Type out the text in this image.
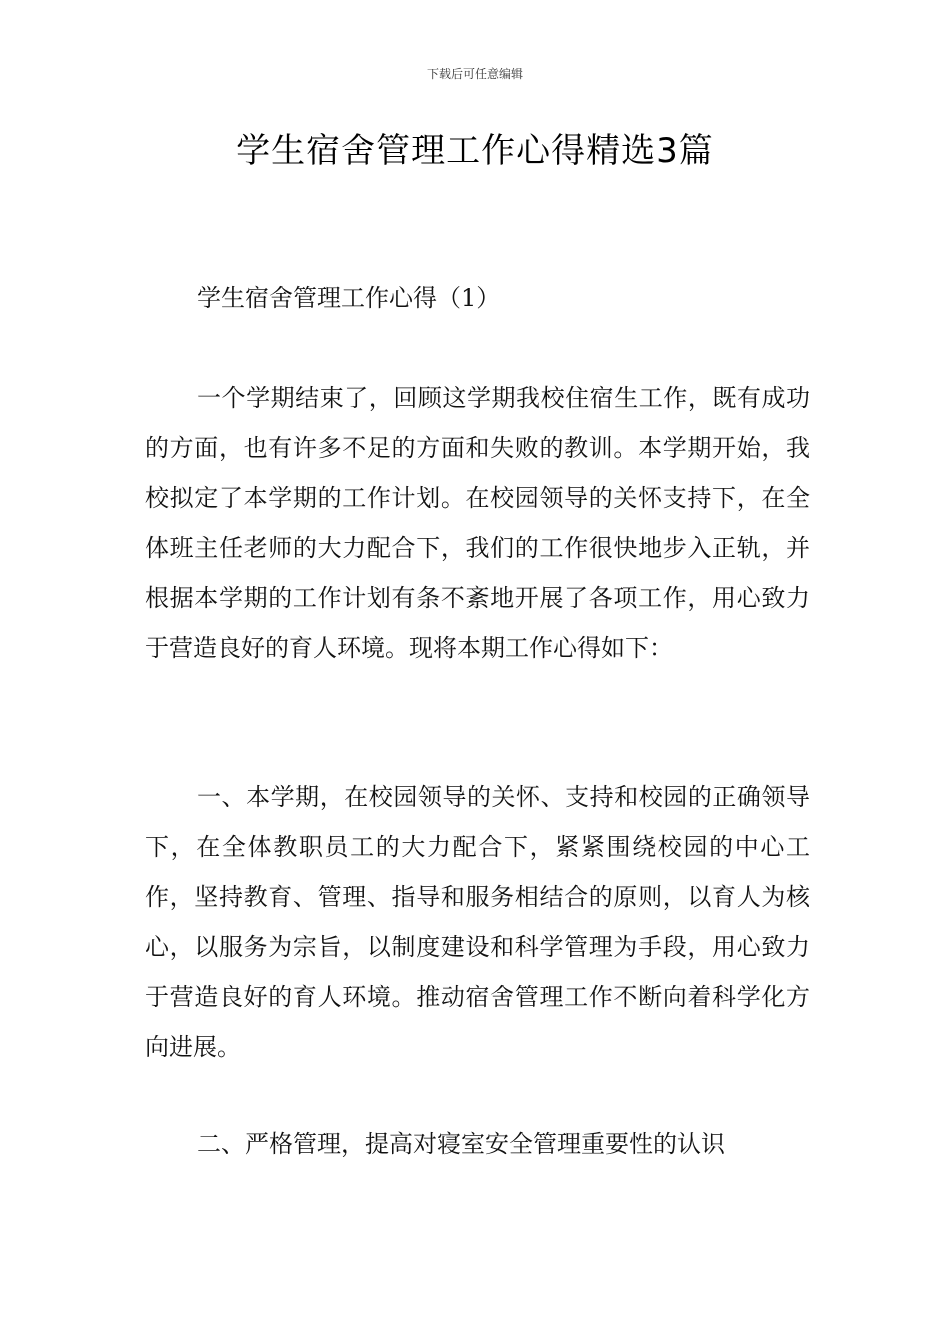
下载后可任意编辑
学生宿舍管理工作心得精选3篇

学生宿舍管理工作心得（1）

一个学期结束了，回顾这学期我校住宿生工作，既有成功的方面，也有许多不足的方面和失败的教训。本学期开始，我校拟定了本学期的工作计划。在校园领导的关怀支持下，在全体班主任老师的大力配合下，我们的工作很快地步入正轨，并根据本学期的工作计划有条不紊地开展了各项工作，用心致力于营造良好的育人环境。现将本期工作心得如下：

一、本学期，在校园领导的关怀、支持和校园的正确领导下，在全体教职员工的大力配合下，紧紧围绕校园的中心工作，坚持教育、管理、指导和服务相结合的原则，以育人为核心，以服务为宗旨，以制度建设和科学管理为手段，用心致力于营造良好的育人环境。推动宿舍管理工作不断向着科学化方向进展。

二、严格管理，提高对寝室安全管理重要性的认识
